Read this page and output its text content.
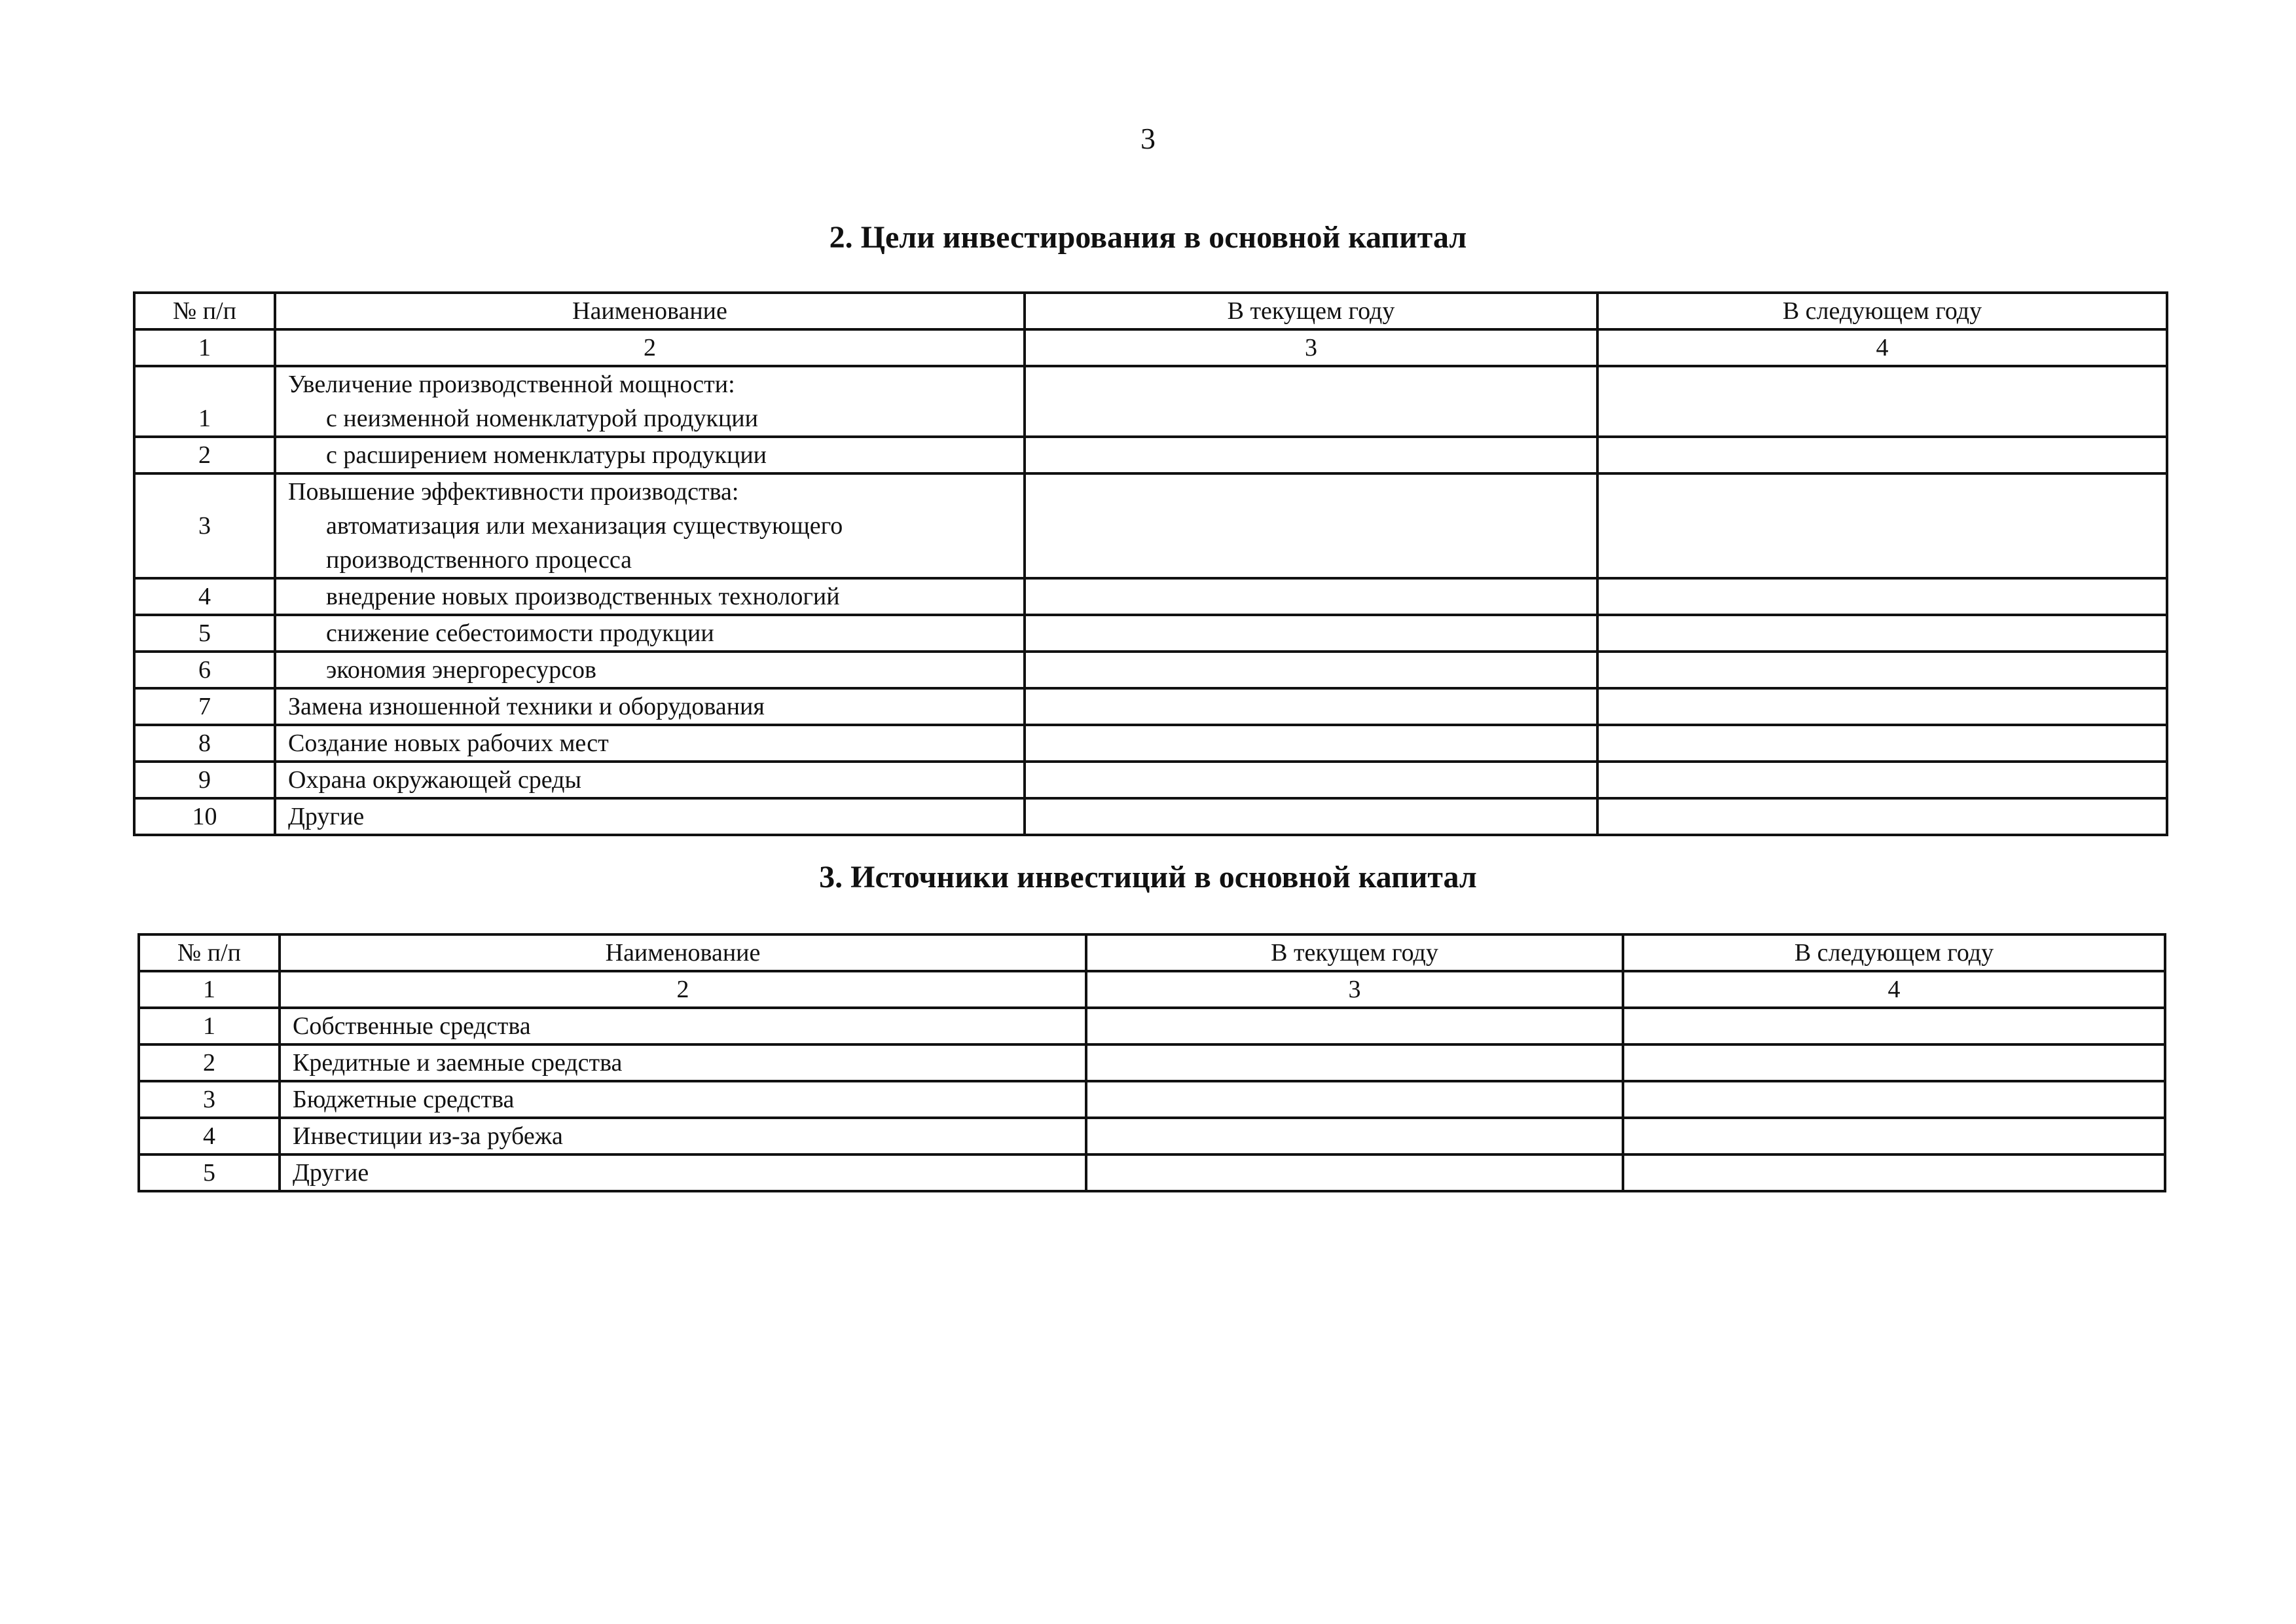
3
2. Цели инвестирования в основной капитал
№ п/п	Наименование	В текущем году	В следующем году
1	2	3	4
1	Увеличение производственной мощности:
с неизменной номенклатурой продукции		

2	с расширением номенклатуры продукции		

3	Повышение эффективности производства:
автоматизация или механизация существующего
производственного процесса		

4	внедрение новых производственных технологий		

5	снижение себестоимости продукции		

6	экономия энергоресурсов		

7	Замена изношенной техники и оборудования		
8	Создание новых рабочих мест		
9	Охрана окружающей среды		
10	Другие		
3. Источники инвестиций в основной капитал
№ п/п	Наименование	В текущем году	В следующем году
1	2	3	4
1	Собственные средства		
2	Кредитные и заемные средства		
3	Бюджетные средства		
4	Инвестиции из-за рубежа		
5	Другие		
